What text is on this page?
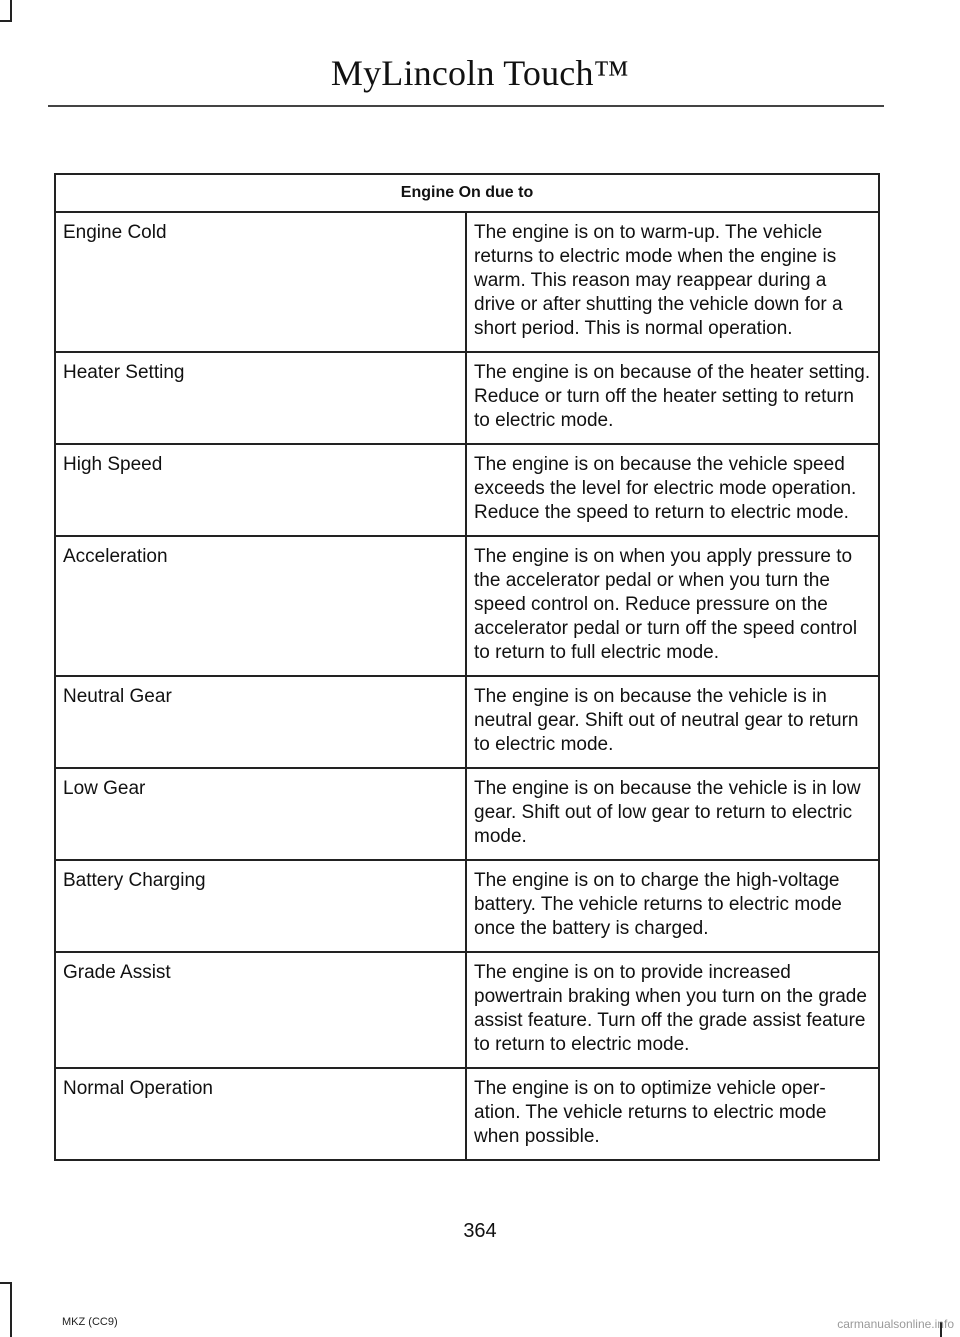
MyLincoln Touch™
Engine On due to	
Engine Cold	The engine is on to warm-up. The vehicle returns to electric mode when the engine is warm. This reason may reappear during a drive or after shutting the vehicle down for a short period. This is normal operation.
Heater Setting	The engine is on because of the heater setting. Reduce or turn off the heater setting to return to electric mode.
High Speed	The engine is on because the vehicle speed exceeds the level for electric mode operation. Reduce the speed to return to electric mode.
Acceleration	The engine is on when you apply pressure to the accelerator pedal or when you turn the speed control on. Reduce pressure on the accelerator pedal or turn off the speed control to return to full electric mode.
Neutral Gear	The engine is on because the vehicle is in neutral gear. Shift out of neutral gear to return to electric mode.
Low Gear	The engine is on because the vehicle is in low gear. Shift out of low gear to return to electric mode.
Battery Charging	The engine is on to charge the high-voltage battery. The vehicle returns to electric mode once the battery is charged.
Grade Assist	The engine is on to provide increased powertrain braking when you turn on the grade assist feature. Turn off the grade assist feature to return to electric mode.
Normal Operation	The engine is on to optimize vehicle oper-ation. The vehicle returns to electric mode when possible.
364
MKZ (CC9)	carmanualsonline.info
